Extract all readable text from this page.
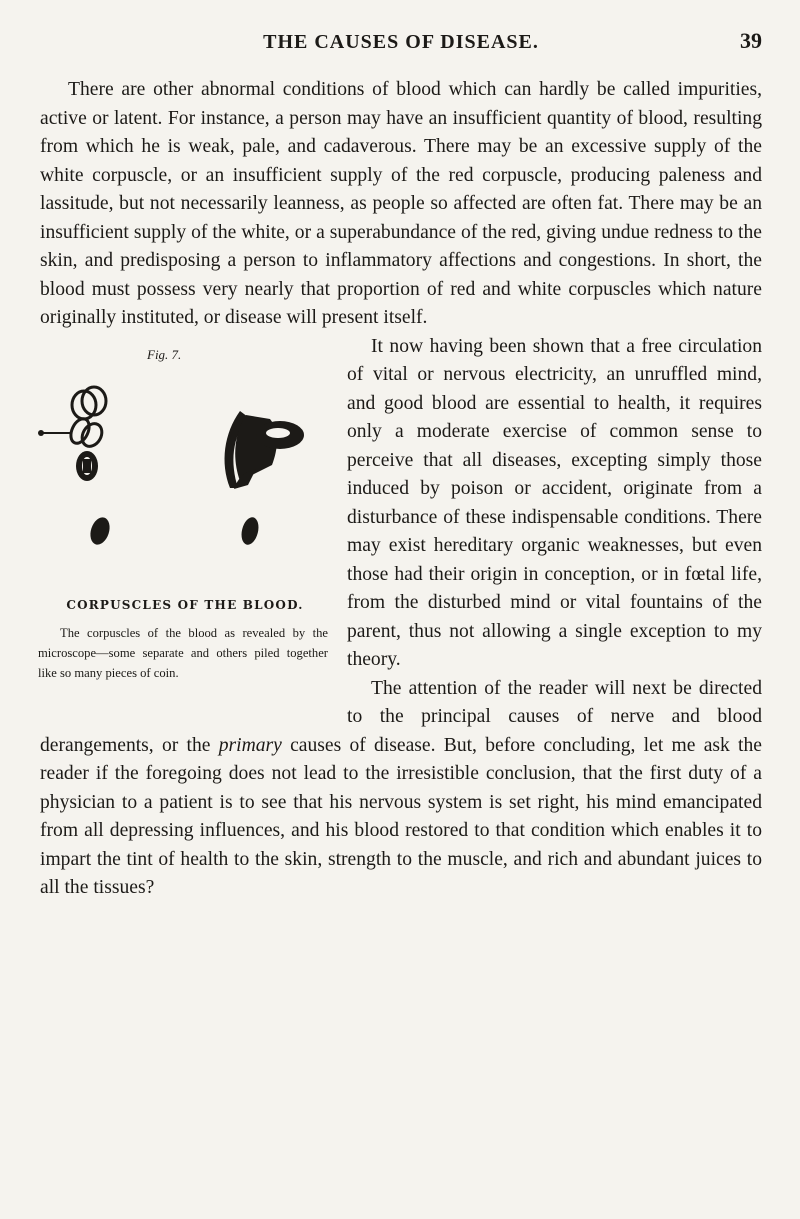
THE CAUSES OF DISEASE.	39

There are other abnormal conditions of blood which can hardly be called impurities, active or latent. For instance, a person may have an insufficient quantity of blood, resulting from which he is weak, pale, and cadaverous. There may be an excessive supply of the white corpuscle, or an insufficient supply of the red corpuscle, producing paleness and lassitude, but not necessarily leanness, as people so affected are often fat. There may be an insufficient supply of the white, or a superabundance of the red, giving undue redness to the skin, and predisposing a person to inflammatory affections and congestions. In short, the blood must possess very nearly that proportion of red and white corpuscles which nature originally instituted, or disease will present itself.

Fig. 7.
CORPUSCLES OF THE BLOOD.
The corpuscles of the blood as revealed by the microscope—some separate and others piled together like so many pieces of coin.

It now having been shown that a free circulation of vital or nervous electricity, an unruffled mind, and good blood are essential to health, it requires only a moderate exercise of common sense to perceive that all diseases, excepting simply those induced by poison or accident, originate from a disturbance of these indispensable conditions. There may exist hereditary organic weaknesses, but even those had their origin in conception, or in fœtal life, from the disturbed mind or vital fountains of the parent, thus not allowing a single exception to my theory.

The attention of the reader will next be directed to the principal causes of nerve and blood derangements, or the primary causes of disease. But, before concluding, let me ask the reader if the foregoing does not lead to the irresistible conclusion, that the first duty of a physician to a patient is to see that his nervous system is set right, his mind emancipated from all depressing influences, and his blood restored to that condition which enables it to impart the tint of health to the skin, strength to the muscle, and rich and abundant juices to all the tissues?
